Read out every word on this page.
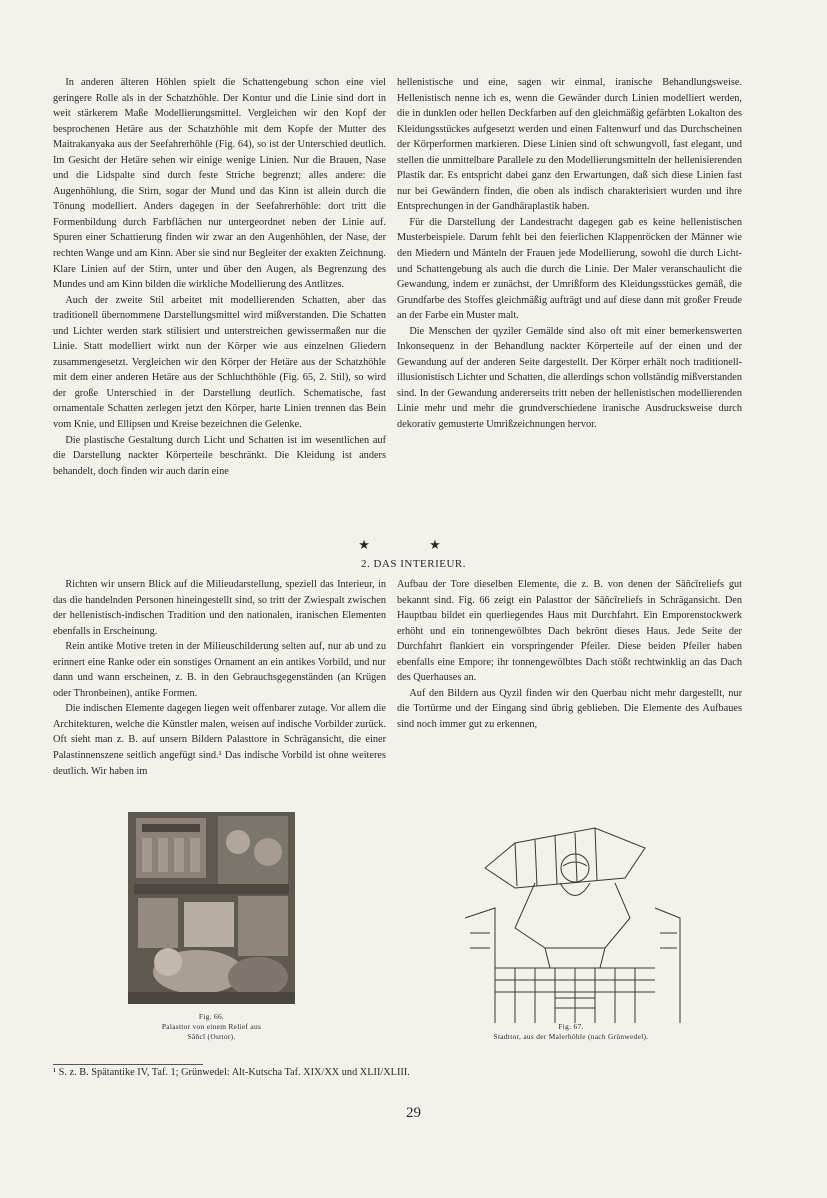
In anderen älteren Höhlen spielt die Schattengebung schon eine viel geringere Rolle als in der Schatzhöhle. Der Kontur und die Linie sind dort in weit stärkerem Maße Modellierungsmittel. Vergleichen wir den Kopf der besprochenen Hetäre aus der Schatzhöhle mit dem Kopfe der Mutter des Maitrakanyaka aus der Seefahrerhöhle (Fig. 64), so ist der Unterschied deutlich. Im Gesicht der Hetäre sehen wir einige wenige Linien. Nur die Brauen, Nase und die Lidspalte sind durch feste Striche begrenzt; alles andere: die Augenhöhlung, die Stirn, sogar der Mund und das Kinn ist allein durch die Tönung modelliert. Anders dagegen in der Seefahrerhöhle: dort tritt die Formenbildung durch Farbflächen nur untergeordnet neben der Linie auf. Spuren einer Schattierung finden wir zwar an den Augenhöhlen, der Nase, der rechten Wange und am Kinn. Aber sie sind nur Begleiter der exakten Zeichnung. Klare Linien auf der Stirn, unter und über den Augen, als Begrenzung des Mundes und am Kinn bilden die wirkliche Modellierung des Antlitzes.

Auch der zweite Stil arbeitet mit modellierenden Schatten, aber das traditionell übernommene Darstellungsmittel wird mißverstanden. Die Schatten und Lichter werden stark stilisiert und unterstreichen gewissermaßen nur die Linie. Statt modelliert wirkt nun der Körper wie aus einzelnen Gliedern zusammengesetzt. Vergleichen wir den Körper der Hetäre aus der Schatzhöhle mit dem einer anderen Hetäre aus der Schluchthöhle (Fig. 65, 2. Stil), so wird der große Unterschied in der Darstellung deutlich. Schematische, fast ornamentale Schatten zerlegen jetzt den Körper, harte Linien trennen das Bein vom Knie, und Ellipsen und Kreise bezeichnen die Gelenke.

Die plastische Gestaltung durch Licht und Schatten ist im wesentlichen auf die Darstellung nackter Körperteile beschränkt. Die Kleidung ist anders behandelt, doch finden wir auch darin eine

hellenistische und eine, sagen wir einmal, iranische Behandlungsweise. Hellenistisch nenne ich es, wenn die Gewänder durch Linien modelliert werden, die in dunklen oder hellen Deckfarben auf den gleichmäßig gefärbten Lokalton des Kleidungsstückes aufgesetzt werden und einen Faltenwurf und das Durchscheinen der Körperformen markieren. Diese Linien sind oft schwungvoll, fast elegant, und stellen die unmittelbare Parallele zu den Modellierungsmitteln der hellenisierenden Plastik dar. Es entspricht dabei ganz den Erwartungen, daß sich diese Linien fast nur bei Gewändern finden, die oben als indisch charakterisiert wurden und ihre Entsprechungen in der Gandhāraplastik haben.

Für die Darstellung der Landestracht dagegen gab es keine hellenistischen Musterbeispiele. Darum fehlt bei den feierlichen Klappenröcken der Männer wie den Miedern und Mänteln der Frauen jede Modellierung, sowohl die durch Licht- und Schattengebung als auch die durch die Linie. Der Maler veranschaulicht die Gewandung, indem er zunächst, der Umrißform des Kleidungsstückes gemäß, die Grundfarbe des Stoffes gleichmäßig aufträgt und auf diese dann mit großer Freude an der Farbe ein Muster malt.

Die Menschen der qyziler Gemälde sind also oft mit einer bemerkenswerten Inkonsequenz in der Behandlung nackter Körperteile auf der einen und der Gewandung auf der anderen Seite dargestellt. Der Körper erhält noch traditionell-illusionistisch Lichter und Schatten, die allerdings schon vollständig mißverstanden sind. In der Gewandung andererseits tritt neben der hellenistischen modellierenden Linie mehr und mehr die grundverschiedene iranische Ausdrucksweise durch dekorativ gemusterte Umrißzeichnungen hervor.

★ ★
2. DAS INTERIEUR.

Richten wir unsern Blick auf die Milieudarstellung, speziell das Interieur, in das die handelnden Personen hineingestellt sind, so tritt der Zwiespalt zwischen der hellenistisch-indischen Tradition und den nationalen, iranischen Elementen ebenfalls in Erscheinung.

Rein antike Motive treten in der Milieuschilderung selten auf, nur ab und zu erinnert eine Ranke oder ein sonstiges Ornament an ein antikes Vorbild, und nur dann und wann erscheinen, z. B. in den Gebrauchsgegenständen (an Krügen oder Thronbeinen), antike Formen.

Die indischen Elemente dagegen liegen weit offenbarer zutage. Vor allem die Architekturen, welche die Künstler malen, weisen auf indische Vorbilder zurück. Oft sieht man z. B. auf unsern Bildern Palasttore in Schrägansicht, die einer Palastinnenszene seitlich angefügt sind.¹ Das indische Vorbild ist ohne weiteres deutlich. Wir haben im

Aufbau der Tore dieselben Elemente, die z. B. von denen der Sāñcīreliefs gut bekannt sind. Fig. 66 zeigt ein Palasttor der Sāñcīreliefs in Schrägansicht. Den Hauptbau bildet ein querliegendes Haus mit Durchfahrt. Ein Emporenstockwerk erhöht und ein tonnengewölbtes Dach bekrönt dieses Haus. Jede Seite der Durchfahrt flankiert ein vorspringender Pfeiler. Diese beiden Pfeiler haben ebenfalls eine Empore; ihr tonnengewölbtes Dach stößt rechtwinklig an das Dach des Querhauses an.

Auf den Bildern aus Qyzil finden wir den Querbau nicht mehr dargestellt, nur die Tortürme und der Eingang sind übrig geblieben. Die Elemente des Aufbaues sind noch immer gut zu erkennen,

Fig. 66.
Palasttor von einem Relief aus
Sāñcī (Osttor).
Fig. 67.
Stadttor, aus der Malerhöhle (nach Grünwedel).
¹ S. z. B. Spätantike IV, Taf. 1; Grünwedel: Alt-Kutscha Taf. XIX/XX und XLII/XLIII.
29
